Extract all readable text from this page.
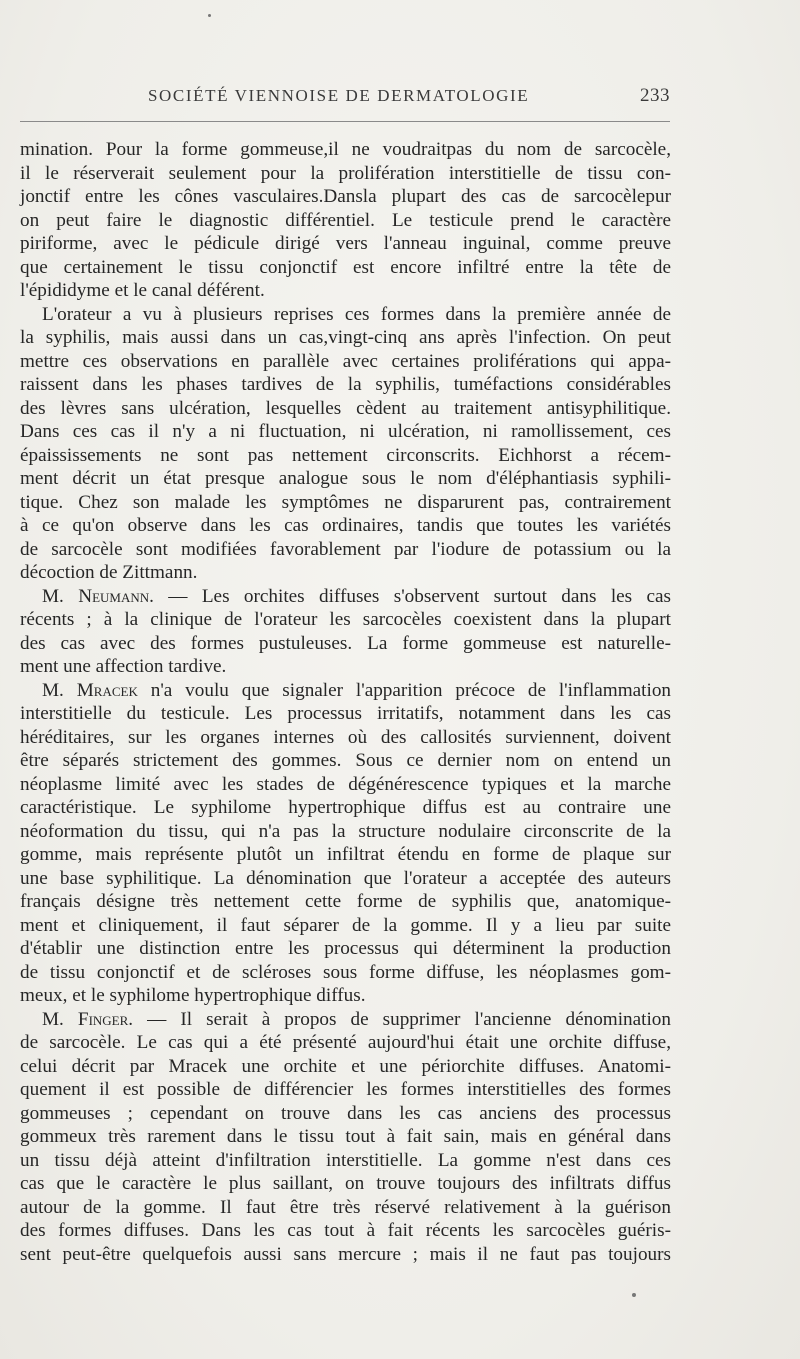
SOCIÉTÉ VIENNOISE DE DERMATOLOGIE	233
mination. Pour la forme gommeuse,il ne voudraitpas du nom de sarcocèle,
il le réserverait seulement pour la prolifération interstitielle de tissu con-
jonctif entre les cônes vasculaires.Dansla plupart des cas de sarcocèlepur
on peut faire le diagnostic différentiel. Le testicule prend le caractère
piriforme, avec le pédicule dirigé vers l'anneau inguinal, comme preuve
que certainement le tissu conjonctif est encore infiltré entre la tête de
l'épididyme et le canal déférent.
L'orateur a vu à plusieurs reprises ces formes dans la première année de
la syphilis, mais aussi dans un cas,vingt-cinq ans après l'infection. On peut
mettre ces observations en parallèle avec certaines proliférations qui appa-
raissent dans les phases tardives de la syphilis, tuméfactions considérables
des lèvres sans ulcération, lesquelles cèdent au traitement antisyphilitique.
Dans ces cas il n'y a ni fluctuation, ni ulcération, ni ramollissement, ces
épaississements ne sont pas nettement circonscrits. Eichhorst a récem-
ment décrit un état presque analogue sous le nom d'éléphantiasis syphili-
tique. Chez son malade les symptômes ne disparurent pas, contrairement
à ce qu'on observe dans les cas ordinaires, tandis que toutes les variétés
de sarcocèle sont modifiées favorablement par l'iodure de potassium ou la
décoction de Zittmann.
M. Neumann. — Les orchites diffuses s'observent surtout dans les cas
récents ; à la clinique de l'orateur les sarcocèles coexistent dans la plupart
des cas avec des formes pustuleuses. La forme gommeuse est naturelle-
ment une affection tardive.
M. Mracek n'a voulu que signaler l'apparition précoce de l'inflammation
interstitielle du testicule. Les processus irritatifs, notamment dans les cas
héréditaires, sur les organes internes où des callosités surviennent, doivent
être séparés strictement des gommes. Sous ce dernier nom on entend un
néoplasme limité avec les stades de dégénérescence typiques et la marche
caractéristique. Le syphilome hypertrophique diffus est au contraire une
néoformation du tissu, qui n'a pas la structure nodulaire circonscrite de la
gomme, mais représente plutôt un infiltrat étendu en forme de plaque sur
une base syphilitique. La dénomination que l'orateur a acceptée des auteurs
français désigne très nettement cette forme de syphilis que, anatomique-
ment et cliniquement, il faut séparer de la gomme. Il y a lieu par suite
d'établir une distinction entre les processus qui déterminent la production
de tissu conjonctif et de scléroses sous forme diffuse, les néoplasmes gom-
meux, et le syphilome hypertrophique diffus.
M. Finger. — Il serait à propos de supprimer l'ancienne dénomination
de sarcocèle. Le cas qui a été présenté aujourd'hui était une orchite diffuse,
celui décrit par Mracek une orchite et une périorchite diffuses. Anatomi-
quement il est possible de différencier les formes interstitielles des formes
gommeuses ; cependant on trouve dans les cas anciens des processus
gommeux très rarement dans le tissu tout à fait sain, mais en général dans
un tissu déjà atteint d'infiltration interstitielle. La gomme n'est dans ces
cas que le caractère le plus saillant, on trouve toujours des infiltrats diffus
autour de la gomme. Il faut être très réservé relativement à la guérison
des formes diffuses. Dans les cas tout à fait récents les sarcocèles guéris-
sent peut-être quelquefois aussi sans mercure ; mais il ne faut pas toujours
